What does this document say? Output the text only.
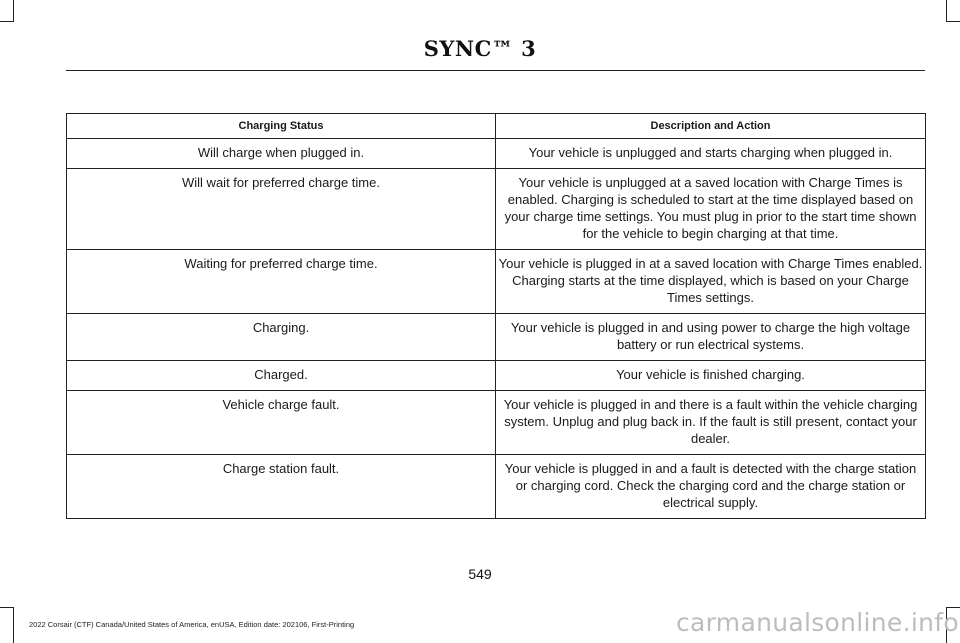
SYNC™ 3
Charging Status	Description and Action
Will charge when plugged in.	Your vehicle is unplugged and starts charging when plugged in.
Will wait for preferred charge time.	Your vehicle is unplugged at a saved location with Charge Times is enabled. Charging is scheduled to start at the time displayed based on your charge time settings. You must plug in prior to the start time shown for the vehicle to begin charging at that time.
Waiting for preferred charge time.	Your vehicle is plugged in at a saved location with Charge Times enabled. Charging starts at the time displayed, which is based on your Charge Times settings.
Charging.	Your vehicle is plugged in and using power to charge the high voltage battery or run electrical systems.
Charged.	Your vehicle is finished charging.
Vehicle charge fault.	Your vehicle is plugged in and there is a fault within the vehicle charging system. Unplug and plug back in. If the fault is still present, contact your dealer.
Charge station fault.	Your vehicle is plugged in and a fault is detected with the charge station or charging cord. Check the charging cord and the charge station or electrical supply.
549
2022 Corsair (CTF) Canada/United States of America, enUSA, Edition date: 202106, First-Printing	carmanualsonline.info
